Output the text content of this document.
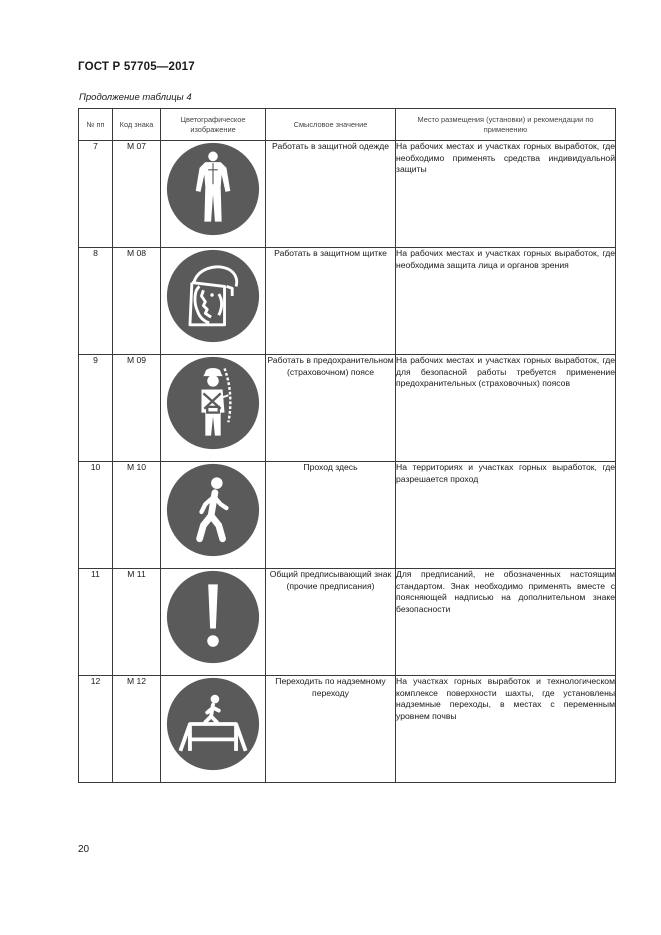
ГОСТ Р 57705—2017
Продолжение таблицы 4
№ пп	Код знака	Цветографическое изображение	Смысловое значение	Место размещения (установки) и рекомендации по применению
7	M 07		Работать в защитной одежде	На рабочих местах и участках горных выработок, где необходимо применять средства индивидуальной защиты
8	M 08		Работать в защитном щитке	На рабочих местах и участках горных выработок, где необходима защита лица и органов зрения
9	M 09		Работать в предохранительном (страховочном) поясе	На рабочих местах и участках горных выработок, где для безопасной работы требуется применение предохранительных (страховочных) поясов
10	M 10		Проход здесь	На территориях и участках горных выработок, где разрешается проход
11	M 11		Общий предписывающий знак (прочие предписания)	Для предписаний, не обозначенных настоящим стандартом. Знак необходимо применять вместе с поясняющей надписью на дополнительном знаке безопасности
12	M 12		Переходить по надземному переходу	На участках горных выработок и технологическом комплексе поверхности шахты, где установлены надземные переходы, в местах с переменным уровнем почвы
20
